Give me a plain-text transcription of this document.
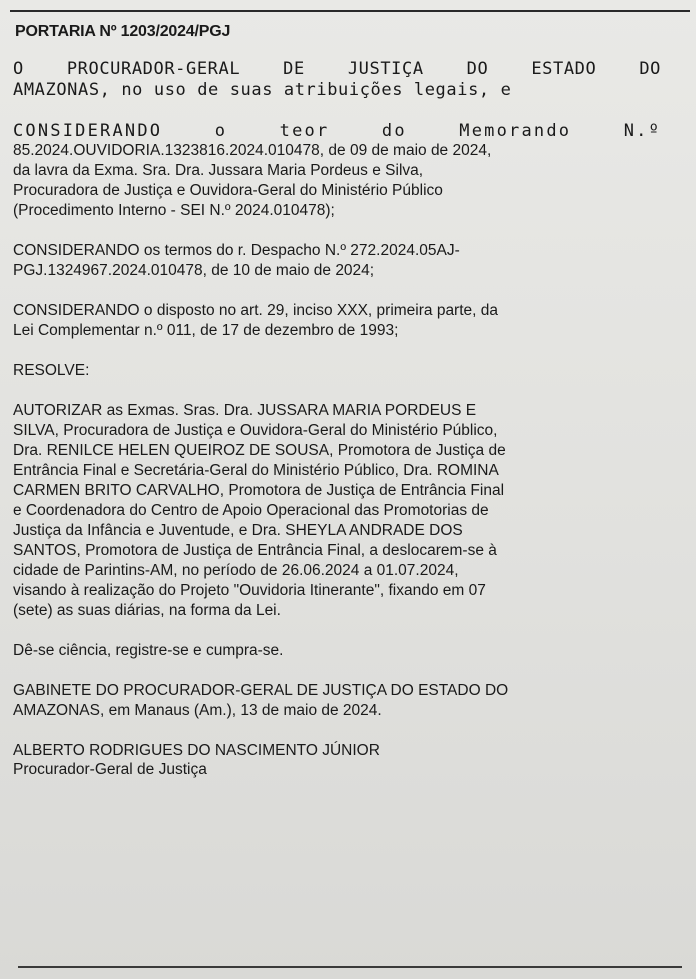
PORTARIA Nº 1203/2024/PGJ

O PROCURADOR-GERAL DE JUSTIÇA DO ESTADO DO
AMAZONAS, no uso de suas atribuições legais, e

CONSIDERANDO o teor do Memorando N.º
85.2024.OUVIDORIA.1323816.2024.010478, de 09 de maio de 2024,
da lavra da Exma. Sra. Dra. Jussara Maria Pordeus e Silva,
Procuradora de Justiça e Ouvidora-Geral do Ministério Público
(Procedimento Interno - SEI N.º 2024.010478);

CONSIDERANDO os termos do r. Despacho N.º 272.2024.05AJ-
PGJ.1324967.2024.010478, de 10 de maio de 2024;

CONSIDERANDO o disposto no art. 29, inciso XXX, primeira parte, da
Lei Complementar n.º 011, de 17 de dezembro de 1993;

RESOLVE:

AUTORIZAR as Exmas. Sras. Dra. JUSSARA MARIA PORDEUS E
SILVA, Procuradora de Justiça e Ouvidora-Geral do Ministério Público,
Dra. RENILCE HELEN QUEIROZ DE SOUSA, Promotora de Justiça de
Entrância Final e Secretária-Geral do Ministério Público, Dra. ROMINA
CARMEN BRITO CARVALHO, Promotora de Justiça de Entrância Final
e Coordenadora do Centro de Apoio Operacional das Promotorias de
Justiça da Infância e Juventude, e Dra. SHEYLA ANDRADE DOS
SANTOS, Promotora de Justiça de Entrância Final, a deslocarem-se à
cidade de Parintins-AM, no período de 26.06.2024 a 01.07.2024,
visando à realização do Projeto "Ouvidoria Itinerante", fixando em 07
(sete) as suas diárias, na forma da Lei.

Dê-se ciência, registre-se e cumpra-se.

GABINETE DO PROCURADOR-GERAL DE JUSTIÇA DO ESTADO DO
AMAZONAS, em Manaus (Am.), 13 de maio de 2024.

ALBERTO RODRIGUES DO NASCIMENTO JÚNIOR
Procurador-Geral de Justiça
